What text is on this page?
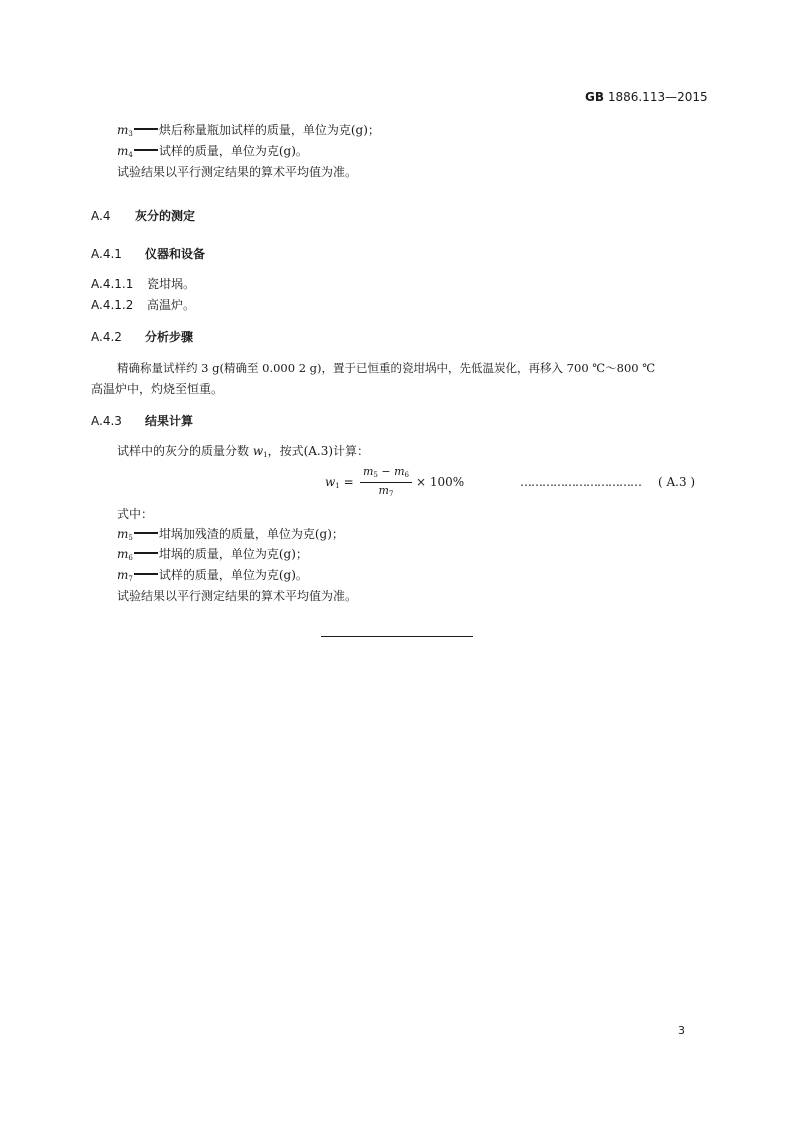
GB 1886.113—2015
$m_3$ 烘后称量瓶加试样的质量，单位为克(g)；
$m_4$ 试样的质量，单位为克(g)。
试验结果以平行测定结果的算术平均值为准。
A.4 灰分的测定
A.4.1 仪器和设备
A.4.1.1 瓷坩埚。
A.4.1.2 高温炉。
A.4.2 分析步骤
精确称量试样约 3 g(精确至 0.000 2 g)，置于已恒重的瓷坩埚中，先低温炭化，再移入 700 ℃～800 ℃
高温炉中，灼烧至恒重。
A.4.3 结果计算
试样中的灰分的质量分数 $w_1$，按式(A.3)计算：
$w_1$ =
$m_5 - m_6$
$m_7$
× 100%	…………………………… ( A.3 )
式中：
$m_5$ 坩埚加残渣的质量，单位为克(g)；
$m_6$ 坩埚的质量，单位为克(g)；
$m_7$ 试样的质量，单位为克(g)。
试验结果以平行测定结果的算术平均值为准。
3
